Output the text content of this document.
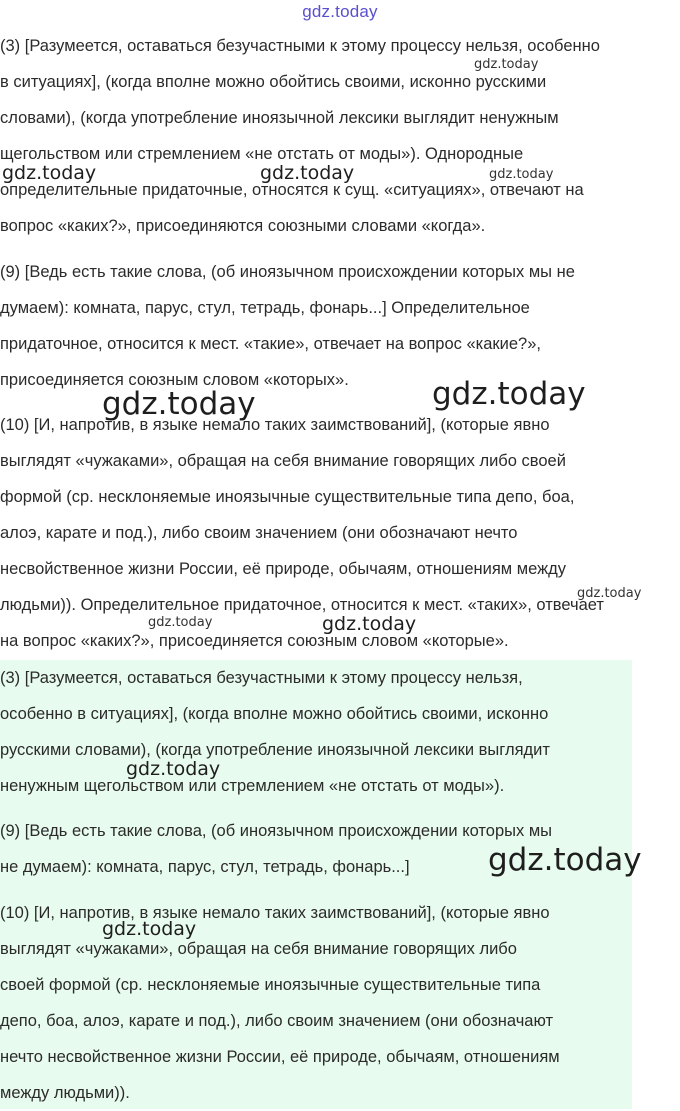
gdz.today
(3) [Разумеется, оставаться безучастными к этому процессу нельзя, особенно
в ситуациях], (когда вполне можно обойтись своими, исконно русскими
словами), (когда употребление иноязычной лексики выглядит ненужным
щегольством или стремлением «не отстать от моды»). Однородные
определительные придаточные, относятся к сущ. «ситуациях», отвечают на
вопрос «каких?», присоединяются союзными словами «когда».
(9) [Ведь есть такие слова, (об иноязычном происхождении которых мы не
думаем): комната, парус, стул, тетрадь, фонарь...] Определительное
придаточное, относится к мест. «такие», отвечает на вопрос «какие?»,
присоединяется союзным словом «которых».
(10) [И, напротив, в языке немало таких заимствований], (которые явно
выглядят «чужаками», обращая на себя внимание говорящих либо своей
формой (ср. несклоняемые иноязычные существительные типа депо, боа,
алоэ, карате и под.), либо своим значением (они обозначают нечто
несвойственное жизни России, её природе, обычаям, отношениям между
людьми)). Определительное придаточное, относится к мест. «таких», отвечает
на вопрос «каких?», присоединяется союзным словом «которые».
(3) [Разумеется, оставаться безучастными к этому процессу нельзя,
особенно в ситуациях], (когда вполне можно обойтись своими, исконно
русскими словами), (когда употребление иноязычной лексики выглядит
ненужным щегольством или стремлением «не отстать от моды»).
(9) [Ведь есть такие слова, (об иноязычном происхождении которых мы
не думаем): комната, парус, стул, тетрадь, фонарь...]
(10) [И, напротив, в языке немало таких заимствований], (которые явно
выглядят «чужаками», обращая на себя внимание говорящих либо
своей формой (ср. несклоняемые иноязычные существительные типа
депо, боа, алоэ, карате и под.), либо своим значением (они обозначают
нечто несвойственное жизни России, её природе, обычаям, отношениям
между людьми)).
gdz.today
gdz.today	gdz.today	gdz.today
gdz.today
gdz.today
gdz.today
gdz.today	gdz.today
gdz.today
gdz.today
gdz.today
